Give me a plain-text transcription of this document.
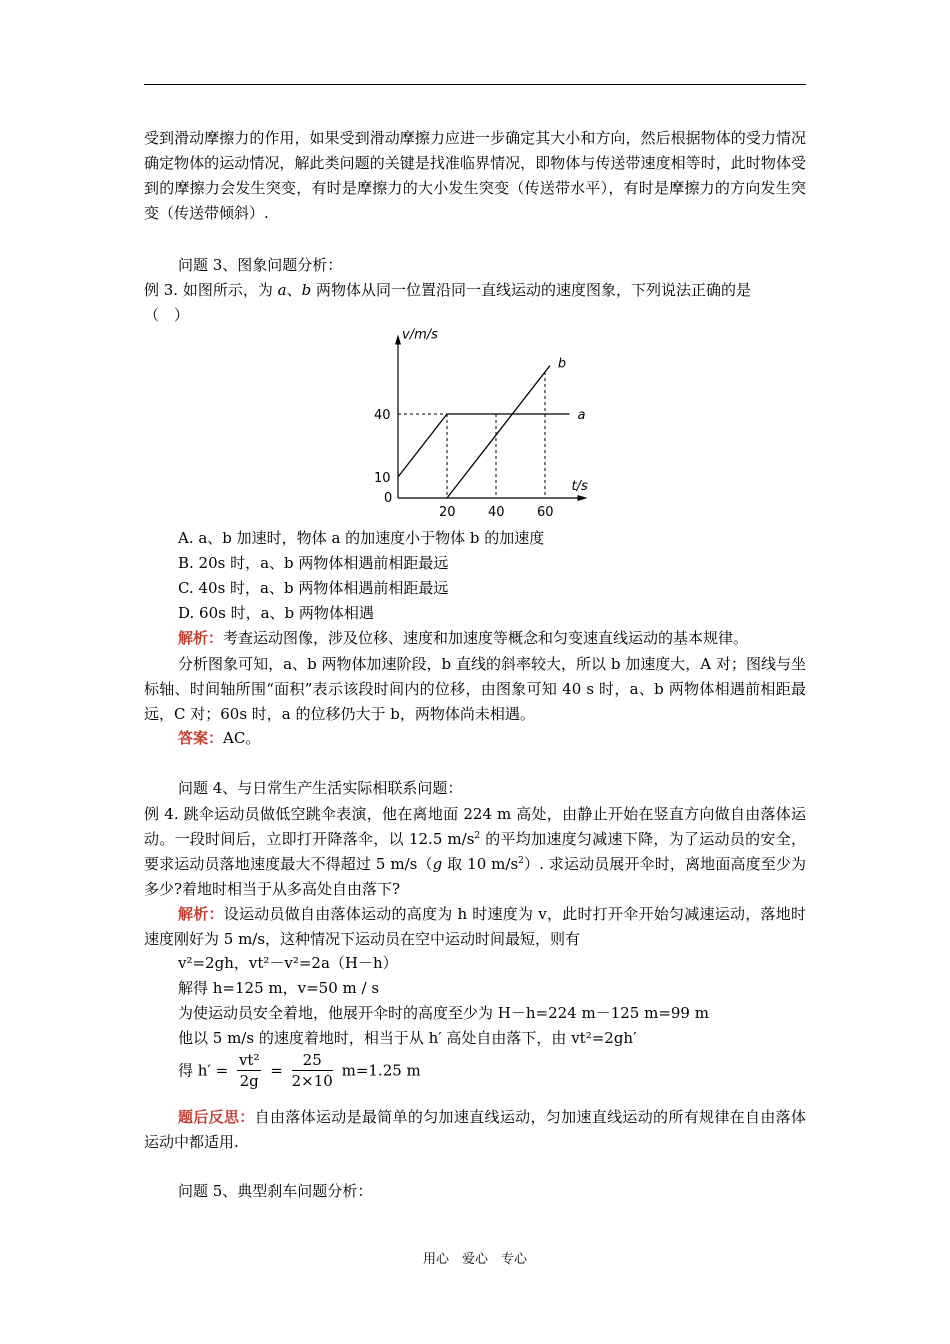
受到滑动摩擦力的作用，如果受到滑动摩擦力应进一步确定其大小和方向，然后根据物体的受力情况确定物体的运动情况，解此类问题的关键是找准临界情况，即物体与传送带速度相等时，此时物体受到的摩擦力会发生突变，有时是摩擦力的大小发生突变（传送带水平），有时是摩擦力的方向发生突变（传送带倾斜）.
问题 3、图象问题分析：
例 3. 如图所示，为 a、b 两物体从同一位置沿同一直线运动的速度图象，下列说法正确的是
（　）
v/m/s
t/s
0
10
40
20 40 60
a
b
A. a、b 加速时，物体 a 的加速度小于物体 b 的加速度
B. 20s 时，a、b 两物体相遇前相距最远
C. 40s 时，a、b 两物体相遇前相距最远
D. 60s 时，a、b 两物体相遇
解析：考查运动图像，涉及位移、速度和加速度等概念和匀变速直线运动的基本规律。
分析图象可知，a、b 两物体加速阶段，b 直线的斜率较大，所以 b 加速度大，A 对；图线与坐标轴、时间轴所围“面积”表示该段时间内的位移，由图象可知 40 s 时，a、b 两物体相遇前相距最远，C 对；60s 时，a 的位移仍大于 b，两物体尚未相遇。
答案：AC。
问题 4、与日常生产生活实际相联系问题：
例 4. 跳伞运动员做低空跳伞表演，他在离地面 224 m 高处，由静止开始在竖直方向做自由落体运动。一段时间后，立即打开降落伞，以 12.5 $m/s^2$ 的平均加速度匀减速下降，为了运动员的安全，要求运动员落地速度最大不得超过 5 m/s（g 取 10 $m/s^2$）. 求运动员展开伞时，离地面高度至少为多少?着地时相当于从多高处自由落下?
解析：设运动员做自由落体运动的高度为 h 时速度为 v，此时打开伞开始匀减速运动，落地时速度刚好为 5 m/s，这种情况下运动员在空中运动时间最短，则有
v²=2gh，vt²－v²=2a（H－h）
解得 h=125 m，v=50 m / s
为使运动员安全着地，他展开伞时的高度至少为 H－h=224 m－125 m=99 m
他以 5 m/s 的速度着地时，相当于从 h′ 高处自由落下，由 vt²=2gh′
得 $h' = \frac{\text{vt²}}{2g} = \frac{25}{2\times 10} m=1.25$ m
题后反思：自由落体运动是最简单的匀加速直线运动，匀加速直线运动的所有规律在自由落体运动中都适用.
问题 5、典型刹车问题分析：
用心　爱心　专心
